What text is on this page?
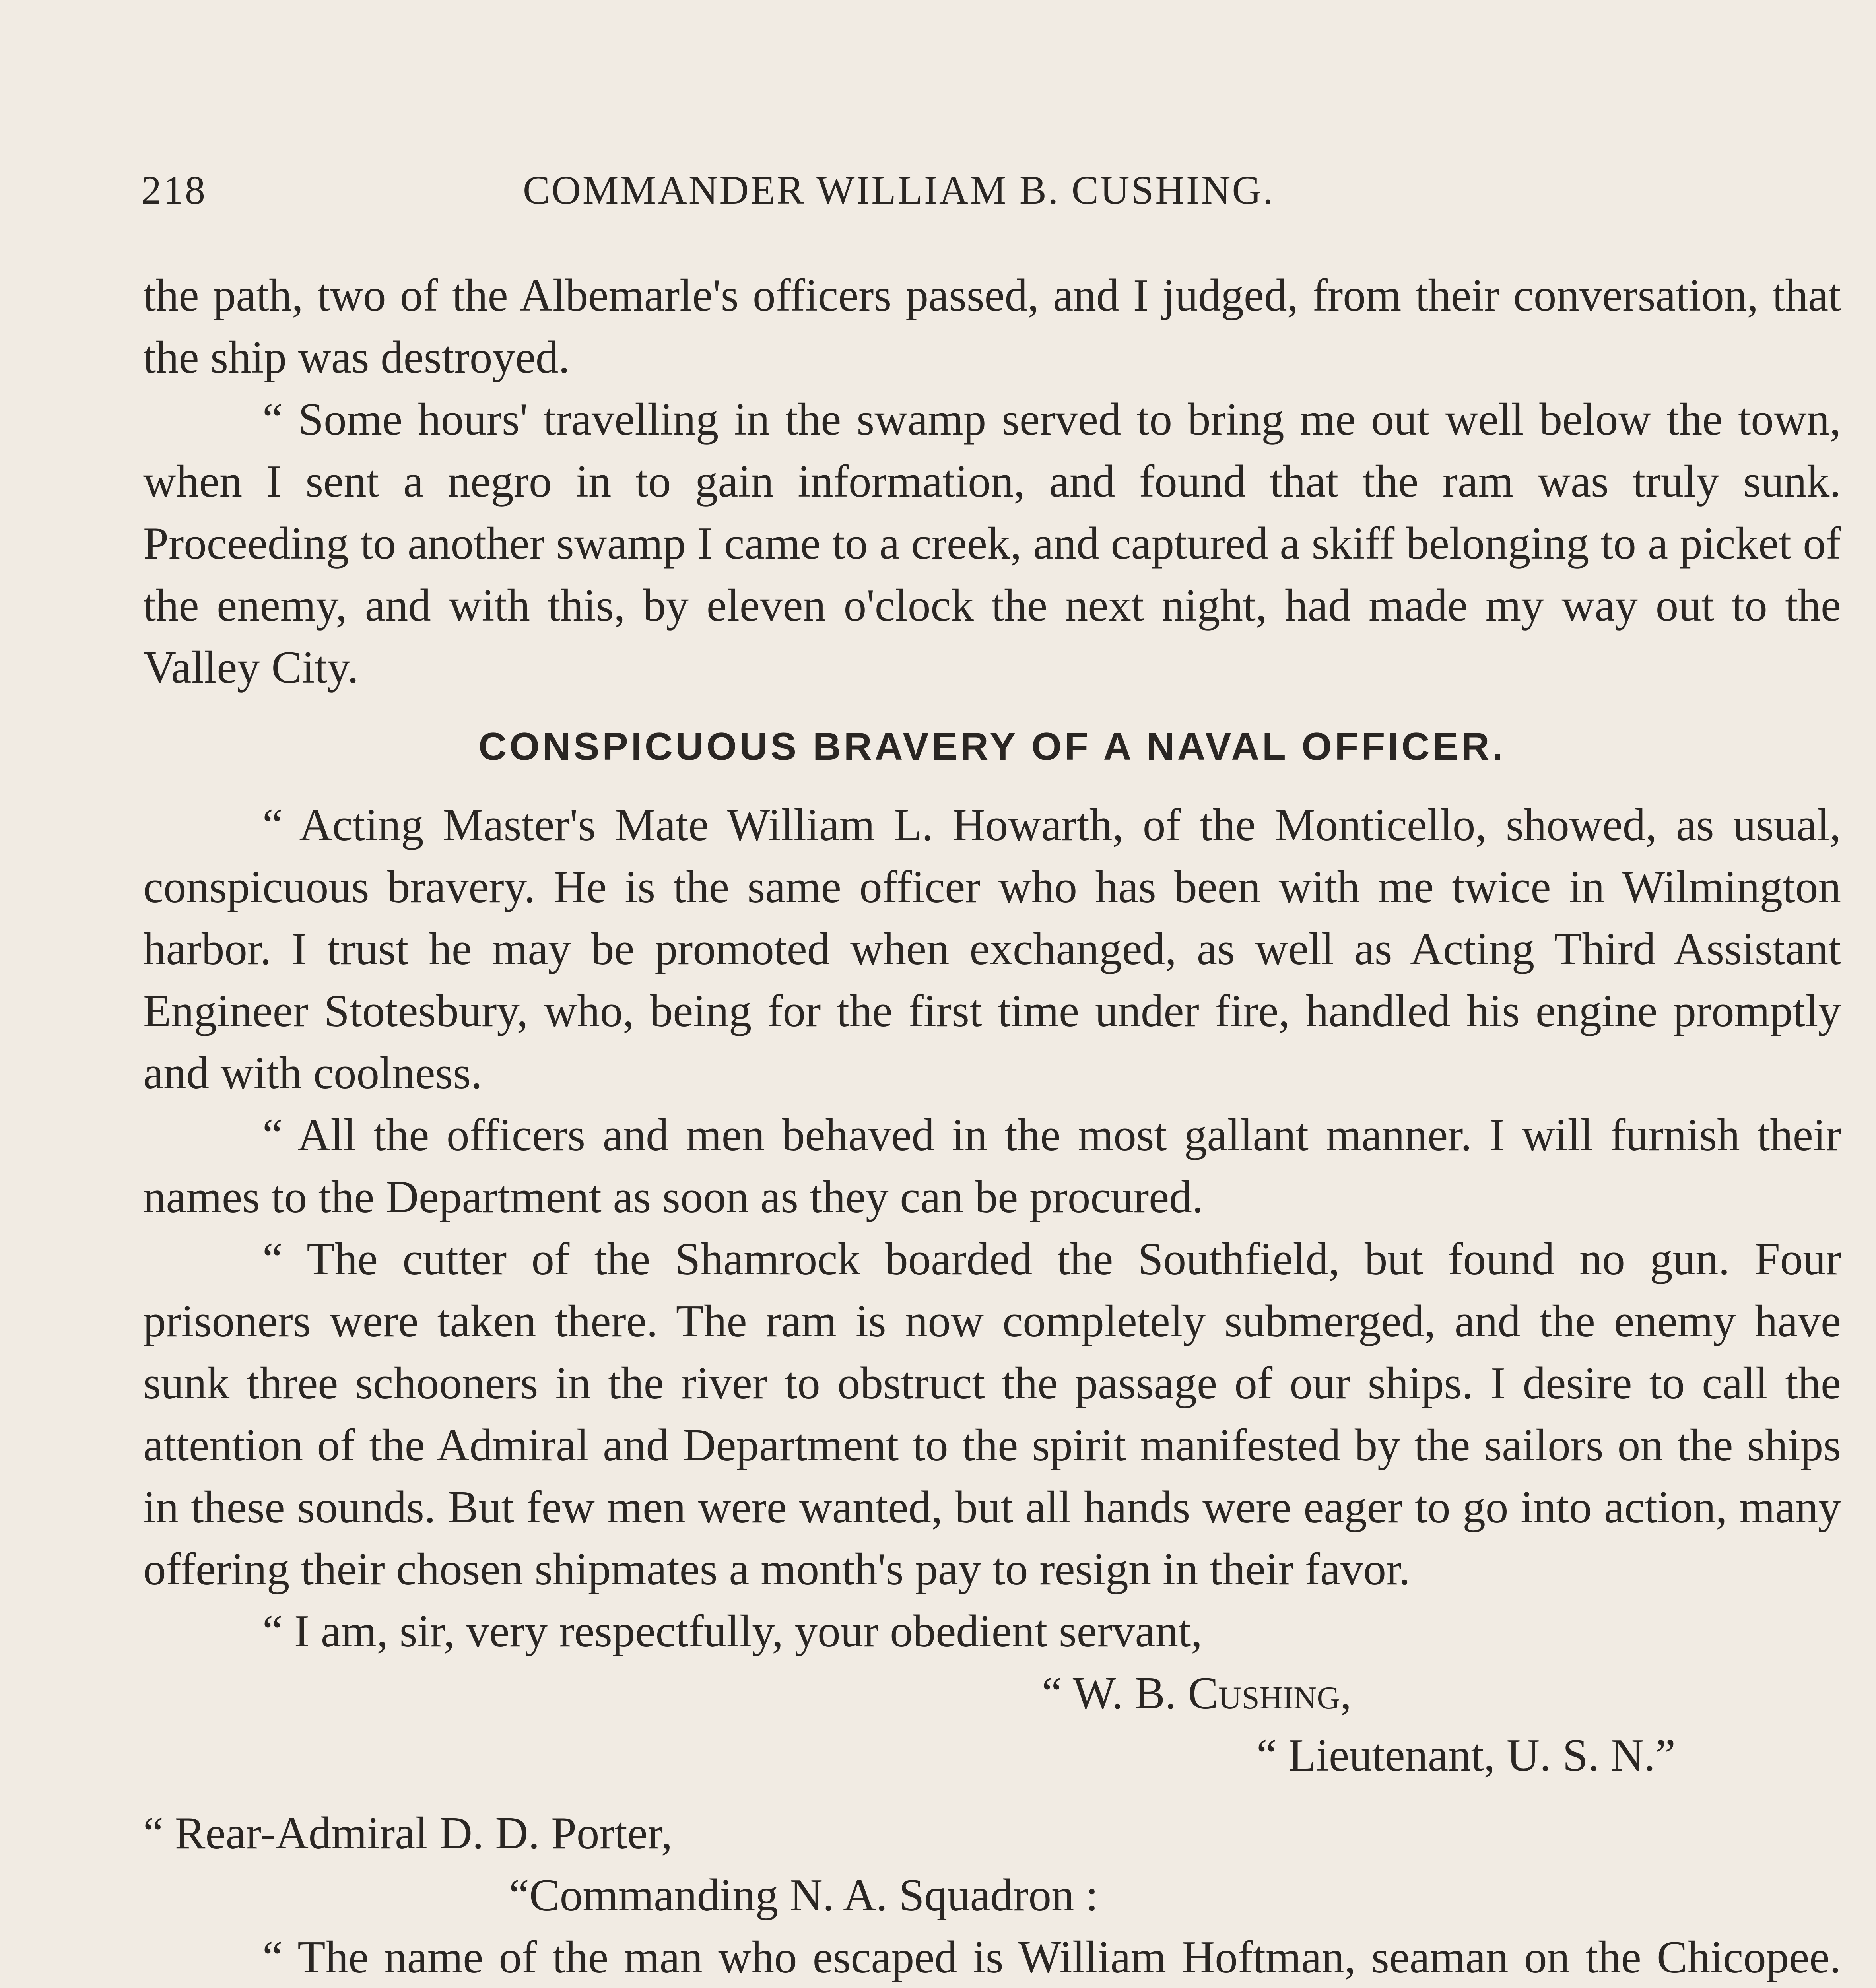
218	COMMANDER WILLIAM B. CUSHING.

the path, two of the Albemarle's officers passed, and I judged, from their conversation, that the ship was destroyed.

“ Some hours' travelling in the swamp served to bring me out well below the town, when I sent a negro in to gain information, and found that the ram was truly sunk. Proceeding to another swamp I came to a creek, and captured a skiff belonging to a picket of the enemy, and with this, by eleven o'clock the next night, had made my way out to the Valley City.

CONSPICUOUS BRAVERY OF A NAVAL OFFICER.

“ Acting Master's Mate William L. Howarth, of the Monticello, showed, as usual, conspicuous bravery. He is the same officer who has been with me twice in Wilmington harbor. I trust he may be promoted when exchanged, as well as Acting Third Assistant Engineer Stotesbury, who, being for the first time under fire, handled his engine promptly and with coolness.

“ All the officers and men behaved in the most gallant manner. I will furnish their names to the Department as soon as they can be procured.

“ The cutter of the Shamrock boarded the Southfield, but found no gun. Four prisoners were taken there. The ram is now completely submerged, and the enemy have sunk three schooners in the river to obstruct the passage of our ships. I desire to call the attention of the Admiral and Department to the spirit manifested by the sailors on the ships in these sounds. But few men were wanted, but all hands were eager to go into action, many offering their chosen shipmates a month's pay to resign in their favor.

“ I am, sir, very respectfully, your obedient servant,

“ W. B. Cushing,

“ Lieutenant, U. S. N.”

“ Rear-Admiral D. D. Porter,

“Commanding N. A. Squadron :

“ The name of the man who escaped is William Hoftman, seaman on the Chicopee.
